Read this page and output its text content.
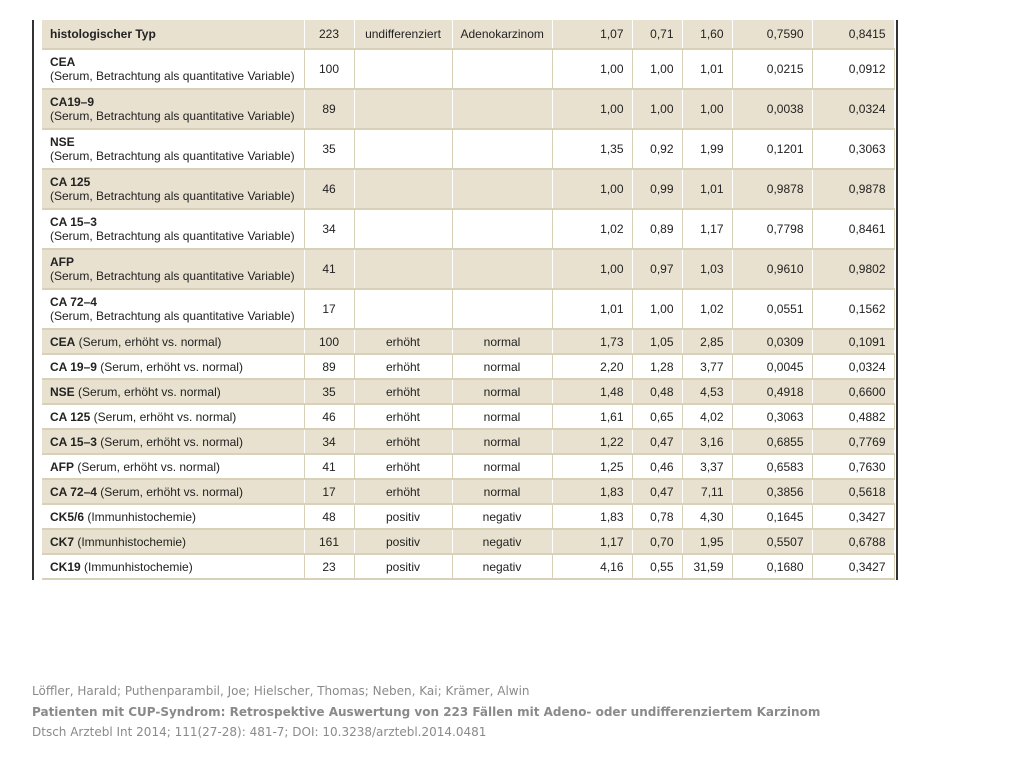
histologischer Typ	223	undifferenziert	Adenokarzinom	1,07	0,71	1,60	0,7590	0,8415
CEA
(Serum, Betrachtung als quantitative Variable)	100			1,00	1,00	1,01	0,0215	0,0912
CA19–9
(Serum, Betrachtung als quantitative Variable)	89			1,00	1,00	1,00	0,0038	0,0324
NSE
(Serum, Betrachtung als quantitative Variable)	35			1,35	0,92	1,99	0,1201	0,3063
CA 125
(Serum, Betrachtung als quantitative Variable)	46			1,00	0,99	1,01	0,9878	0,9878
CA 15–3
(Serum, Betrachtung als quantitative Variable)	34			1,02	0,89	1,17	0,7798	0,8461
AFP
(Serum, Betrachtung als quantitative Variable)	41			1,00	0,97	1,03	0,9610	0,9802
CA 72–4
(Serum, Betrachtung als quantitative Variable)	17			1,01	1,00	1,02	0,0551	0,1562
CEA (Serum, erhöht vs. normal)	100	erhöht	normal	1,73	1,05	2,85	0,0309	0,1091
CA 19–9 (Serum, erhöht vs. normal)	89	erhöht	normal	2,20	1,28	3,77	0,0045	0,0324
NSE (Serum, erhöht vs. normal)	35	erhöht	normal	1,48	0,48	4,53	0,4918	0,6600
CA 125 (Serum, erhöht vs. normal)	46	erhöht	normal	1,61	0,65	4,02	0,3063	0,4882
CA 15–3 (Serum, erhöht vs. normal)	34	erhöht	normal	1,22	0,47	3,16	0,6855	0,7769
AFP (Serum, erhöht vs. normal)	41	erhöht	normal	1,25	0,46	3,37	0,6583	0,7630
CA 72–4 (Serum, erhöht vs. normal)	17	erhöht	normal	1,83	0,47	7,11	0,3856	0,5618
CK5/6 (Immunhistochemie)	48	positiv	negativ	1,83	0,78	4,30	0,1645	0,3427
CK7 (Immunhistochemie)	161	positiv	negativ	1,17	0,70	1,95	0,5507	0,6788
CK19 (Immunhistochemie)	23	positiv	negativ	4,16	0,55	31,59	0,1680	0,3427
Löffler, Harald; Puthenparambil, Joe; Hielscher, Thomas; Neben, Kai; Krämer, Alwin
Patienten mit CUP-Syndrom: Retrospektive Auswertung von 223 Fällen mit Adeno- oder undifferenziertem Karzinom
Dtsch Arztebl Int 2014; 111(27-28): 481-7; DOI: 10.3238/arztebl.2014.0481
